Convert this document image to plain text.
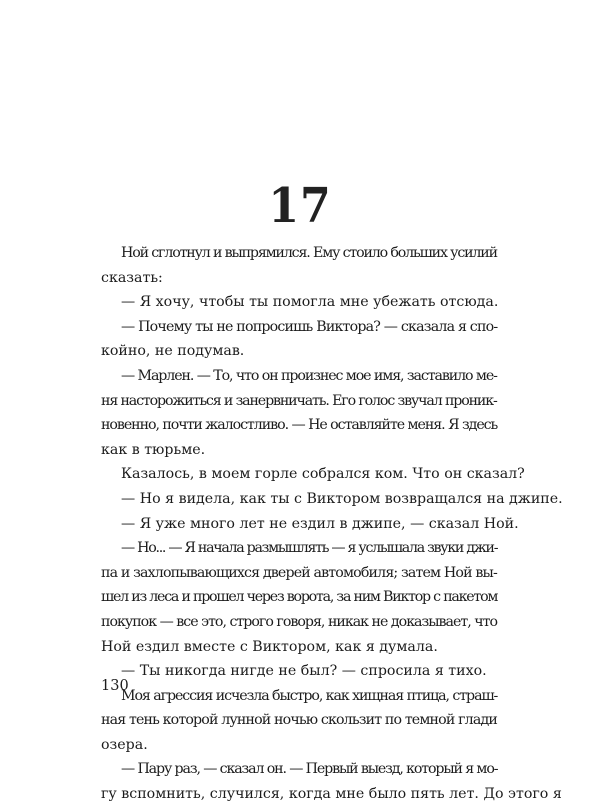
17
Ной сглотнул и выпрямился. Ему стоило больших усилий
сказать:
— Я хочу, чтобы ты помогла мне убежать отсюда.
— Почему ты не попросишь Виктора? — сказала я спо-
койно, не подумав.
— Марлен. — То, что он произнес мое имя, заставило ме-
ня насторожиться и занервничать. Его голос звучал проник-
новенно, почти жалостливо. — Не оставляйте меня. Я здесь
как в тюрьме.
Казалось, в моем горле собрался ком. Что он сказал?
— Но я видела, как ты с Виктором возвращался на джипе.
— Я уже много лет не ездил в джипе, — сказал Ной.
— Но... — Я начала размышлять — я услышала звуки джи-
па и захлопывающихся дверей автомобиля; затем Ной вы-
шел из леса и прошел через ворота, за ним Виктор с пакетом
покупок — все это, строго говоря, никак не доказывает, что
Ной ездил вместе с Виктором, как я думала.
— Ты никогда нигде не был? — спросила я тихо.
Моя агрессия исчезла быстро, как хищная птица, страш-
ная тень которой лунной ночью скользит по темной глади
озера.
— Пару раз, — сказал он. — Первый выезд, который я мо-
гу вспомнить, случился, когда мне было пять лет. До этого я
130
